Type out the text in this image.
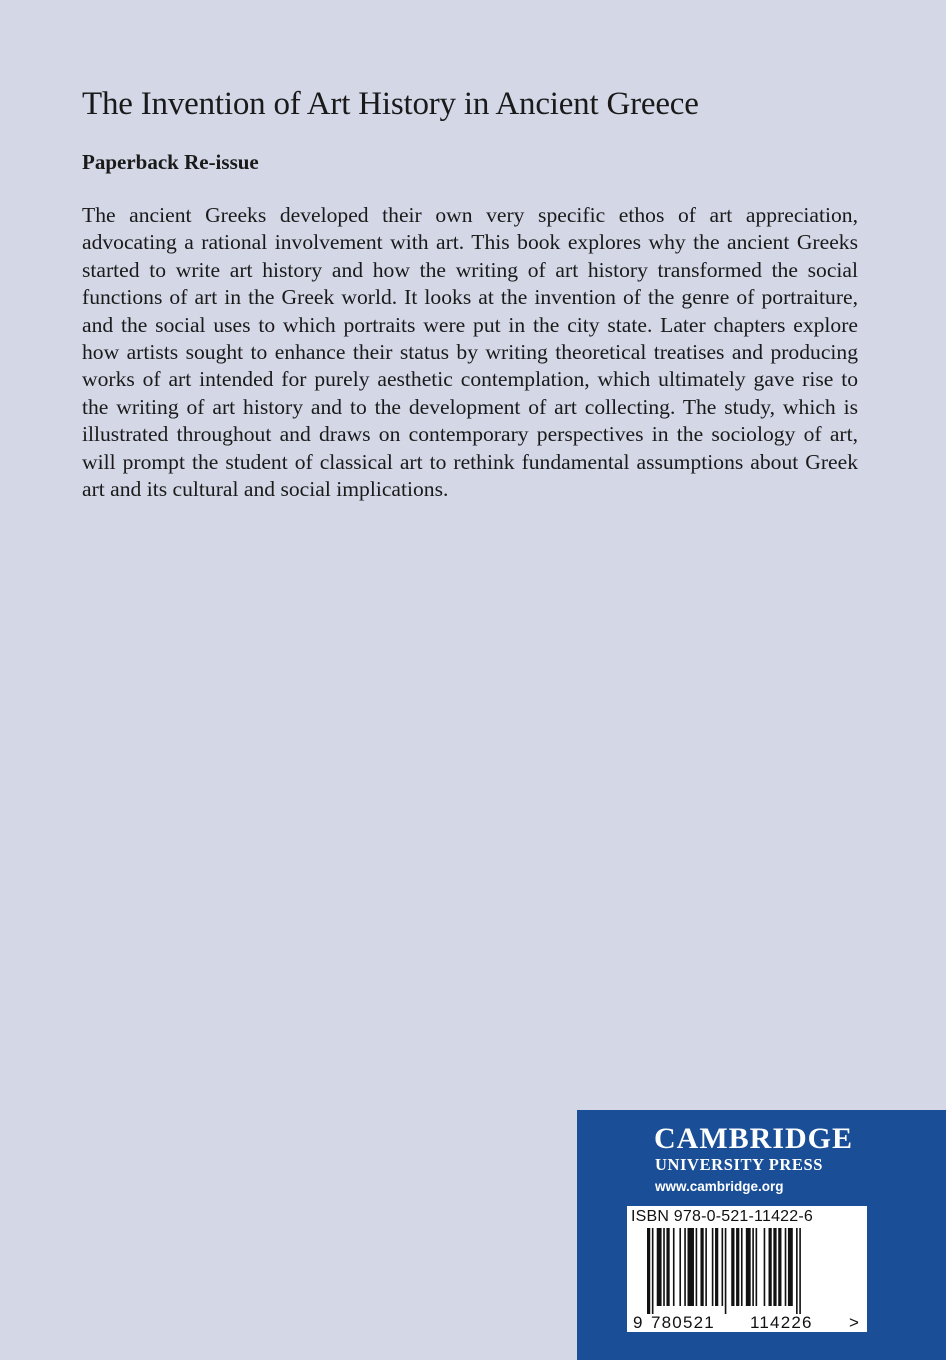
The Invention of Art History in Ancient Greece
Paperback Re-issue

The ancient Greeks developed their own very specific ethos of art appreciation, advocating a rational involvement with art. This book explores why the ancient Greeks started to write art history and how the writing of art history transformed the social functions of art in the Greek world. It looks at the invention of the genre of portraiture, and the social uses to which portraits were put in the city state. Later chapters explore how artists sought to enhance their status by writing theoretical treatises and producing works of art intended for purely aesthetic contemplation, which ultimately gave rise to the writing of art history and to the development of art collecting. The study, which is illustrated throughout and draws on contemporary perspectives in the sociology of art, will prompt the student of classical art to rethink fundamental assumptions about Greek art and its cultural and social implications.

CAMBRIDGE
UNIVERSITY PRESS
www.cambridge.org
ISBN 978-0-521-11422-6
9 780521 114226 >
